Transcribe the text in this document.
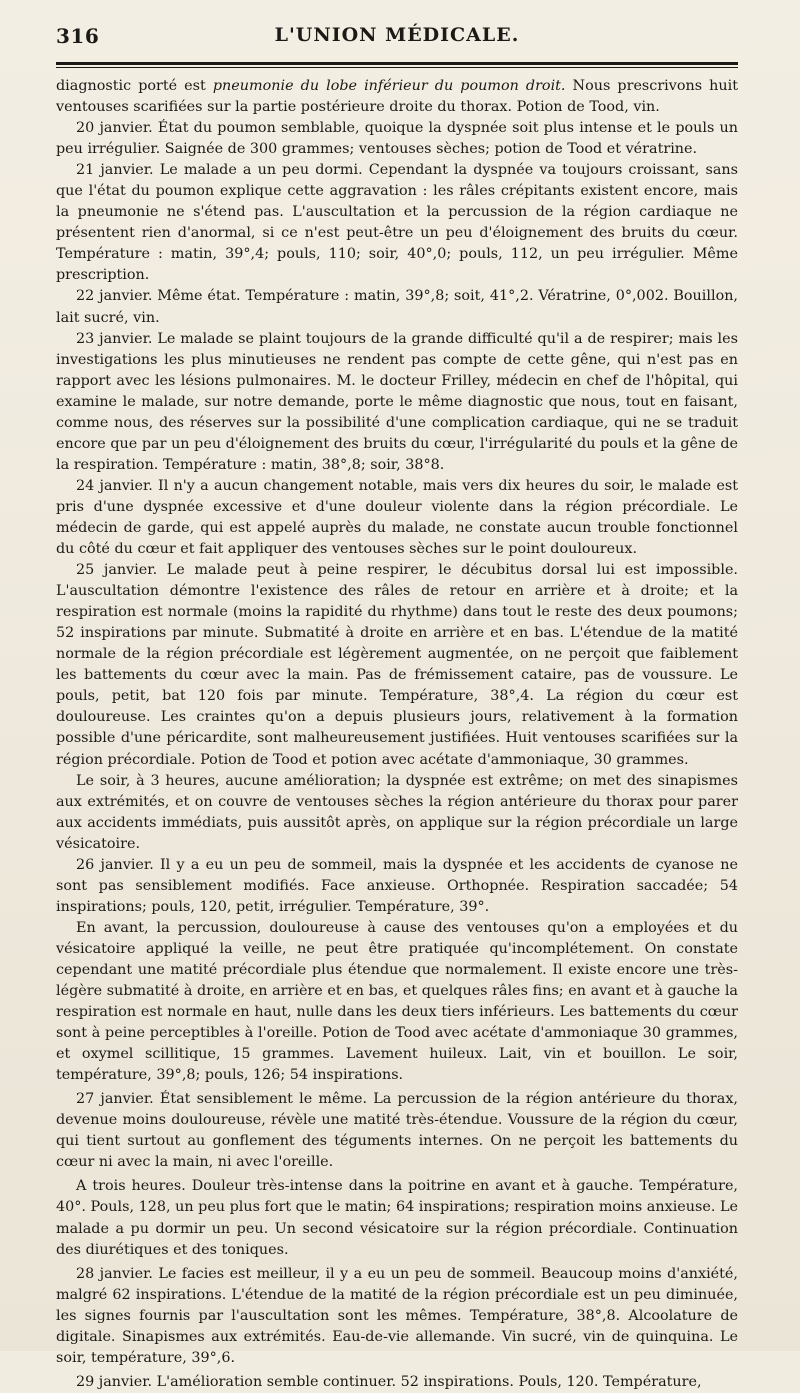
316	L'UNION MÉDICALE.

diagnostic porté est pneumonie du lobe inférieur du poumon droit. Nous prescrivons huit ventouses scarifiées sur la partie postérieure droite du thorax. Potion de Tood, vin.

20 janvier. État du poumon semblable, quoique la dyspnée soit plus intense et le pouls un peu irrégulier. Saignée de 300 grammes; ventouses sèches; potion de Tood et vératrine.

21 janvier. Le malade a un peu dormi. Cependant la dyspnée va toujours croissant, sans que l'état du poumon explique cette aggravation : les râles crépitants existent encore, mais la pneumonie ne s'étend pas. L'auscultation et la percussion de la région cardiaque ne présentent rien d'anormal, si ce n'est peut-être un peu d'éloignement des bruits du cœur. Température : matin, 39°,4; pouls, 110; soir, 40°,0; pouls, 112, un peu irrégulier. Même prescription.

22 janvier. Même état. Température : matin, 39°,8; soit, 41°,2. Vératrine, 0°,002. Bouillon, lait sucré, vin.

23 janvier. Le malade se plaint toujours de la grande difficulté qu'il a de respirer; mais les investigations les plus minutieuses ne rendent pas compte de cette gêne, qui n'est pas en rapport avec les lésions pulmonaires. M. le docteur Frilley, médecin en chef de l'hôpital, qui examine le malade, sur notre demande, porte le même diagnostic que nous, tout en faisant, comme nous, des réserves sur la possibilité d'une complication cardiaque, qui ne se traduit encore que par un peu d'éloignement des bruits du cœur, l'irrégularité du pouls et la gêne de la respiration. Température : matin, 38°,8; soir, 38°8.

24 janvier. Il n'y a aucun changement notable, mais vers dix heures du soir, le malade est pris d'une dyspnée excessive et d'une douleur violente dans la région précordiale. Le médecin de garde, qui est appelé auprès du malade, ne constate aucun trouble fonctionnel du côté du cœur et fait appliquer des ventouses sèches sur le point douloureux.

25 janvier. Le malade peut à peine respirer, le décubitus dorsal lui est impossible. L'auscultation démontre l'existence des râles de retour en arrière et à droite; et la respiration est normale (moins la rapidité du rhythme) dans tout le reste des deux poumons; 52 inspirations par minute. Submatité à droite en arrière et en bas. L'étendue de la matité normale de la région précordiale est légèrement augmentée, on ne perçoit que faiblement les battements du cœur avec la main. Pas de frémissement cataire, pas de voussure. Le pouls, petit, bat 120 fois par minute. Température, 38°,4. La région du cœur est douloureuse. Les craintes qu'on a depuis plusieurs jours, relativement à la formation possible d'une péricardite, sont malheureusement justifiées. Huit ventouses scarifiées sur la région précordiale. Potion de Tood et potion avec acétate d'ammoniaque, 30 grammes.

Le soir, à 3 heures, aucune amélioration; la dyspnée est extrême; on met des sinapismes aux extrémités, et on couvre de ventouses sèches la région antérieure du thorax pour parer aux accidents immédiats, puis aussitôt après, on applique sur la région précordiale un large vésicatoire.

26 janvier. Il y a eu un peu de sommeil, mais la dyspnée et les accidents de cyanose ne sont pas sensiblement modifiés. Face anxieuse. Orthopnée. Respiration saccadée; 54 inspirations; pouls, 120, petit, irrégulier. Température, 39°.

En avant, la percussion, douloureuse à cause des ventouses qu'on a employées et du vésicatoire appliqué la veille, ne peut être pratiquée qu'incomplétement. On constate cependant une matité précordiale plus étendue que normalement. Il existe encore une très-légère submatité à droite, en arrière et en bas, et quelques râles fins; en avant et à gauche la respiration est normale en haut, nulle dans les deux tiers inférieurs. Les battements du cœur sont à peine perceptibles à l'oreille. Potion de Tood avec acétate d'ammoniaque 30 grammes, et oxymel scillitique, 15 grammes. Lavement huileux. Lait, vin et bouillon. Le soir, température, 39°,8; pouls, 126; 54 inspirations.

27 janvier. État sensiblement le même. La percussion de la région antérieure du thorax, devenue moins douloureuse, révèle une matité très-étendue. Voussure de la région du cœur, qui tient surtout au gonflement des téguments internes. On ne perçoit les battements du cœur ni avec la main, ni avec l'oreille.

A trois heures. Douleur très-intense dans la poitrine en avant et à gauche. Température, 40°. Pouls, 128, un peu plus fort que le matin; 64 inspirations; respiration moins anxieuse. Le malade a pu dormir un peu. Un second vésicatoire sur la région précordiale. Continuation des diurétiques et des toniques.

28 janvier. Le facies est meilleur, il y a eu un peu de sommeil. Beaucoup moins d'anxiété, malgré 62 inspirations. L'étendue de la matité de la région précordiale est un peu diminuée, les signes fournis par l'auscultation sont les mêmes. Température, 38°,8. Alcoolature de digitale. Sinapismes aux extrémités. Eau-de-vie allemande. Vin sucré, vin de quinquina. Le soir, température, 39°,6.

29 janvier. L'amélioration semble continuer. 52 inspirations. Pouls, 120. Température,
